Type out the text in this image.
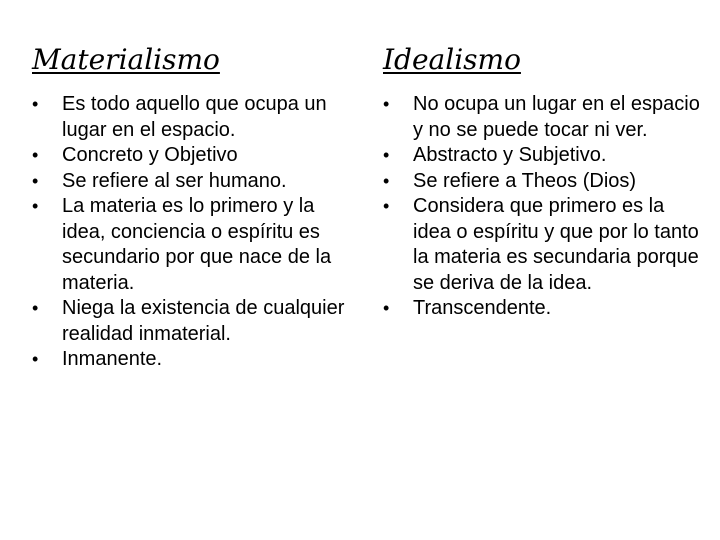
Materialismo
•	Es todo aquello que ocupa un lugar en el espacio.
•	Concreto y Objetivo
•	Se refiere al ser humano.
•	La materia es lo primero y la idea, conciencia o espíritu es secundario por que nace de la materia.
•	Niega la existencia de cualquier realidad inmaterial.
•	Inmanente.
Idealismo
•	No ocupa un lugar en el espacio y no se puede tocar ni ver.
•	Abstracto y Subjetivo.
•	Se refiere a Theos (Dios)
•	Considera que primero es la idea o espíritu y que por lo tanto la materia es secundaria porque se deriva de la idea.
•	Transcendente.
